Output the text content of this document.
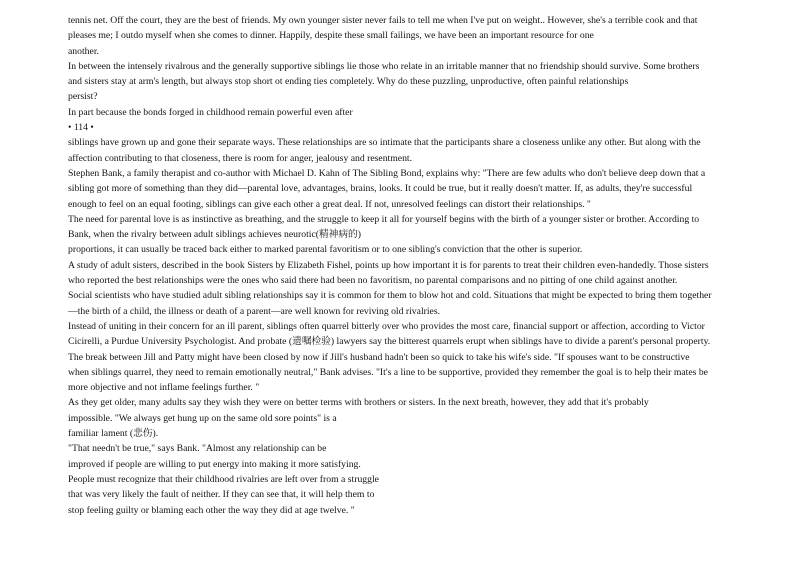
tennis net. Off the court, they are the best of friends. My own younger sister never fails to tell me when I've put on weight.. However, she's a terrible cook and that
pleases me; I outdo myself when she comes to dinner. Happily, despite these small failings, we have been an important resource for one
another.
In between the intensely rivalrous and the generally supportive siblings lie those who relate in an irritable manner that no friendship should survive. Some brothers
and sisters stay at arm's length, but always stop short ot ending ties completely. Why do these puzzling, unproductive, often painful relationships
persist?
In part because the bonds forged in childhood remain powerful even after
• 114 •
siblings have grown up and gone their separate ways. These relationships are so intimate that the participants share a closeness unlike any other. But along with the
affection contributing to that closeness, there is room for anger, jealousy and resentment.
Stephen Bank, a family therapist and co-author with Michael D. Kahn of The Sibling Bond, explains why: "There are few adults who don't believe deep down that a
sibling got more of something than they did—parental love, advantages, brains, looks. It could be true, but it really doesn't matter. If, as adults, they're successful
enough to feel on an equal footing, siblings can give each other a great deal. If not, unresolved feelings can distort their relationships. "
The need for parental love is as instinctive as breathing, and the struggle to keep it all for yourself begins with the birth of a younger sister or brother. According to
Bank, when the rivalry between adult siblings achieves neurotic(精神病的)
proportions, it can usually be traced back either to marked parental favoritism or to one sibling's conviction that the other is superior.
A study of adult sisters, described in the book Sisters by Elizabeth Fishel, points up how important it is for parents to treat their children even-handedly. Those sisters
who reported the best relationships were the ones who said there had been no favoritism, no parental comparisons and no pitting of one child against another.
Social scientists who have studied adult sibling relationships say it is common for them to blow hot and cold. Situations that might be expected to bring them together
—the birth of a child, the illness or death of a parent—are well known for reviving old rivalries.
Instead of uniting in their concern for an ill parent, siblings often quarrel bitterly over who provides the most care, financial support or affection, according to Victor
Cicirelli, a Purdue University Psychologist. And probate (遗嘱检验) lawyers say the bitterest quarrels erupt when siblings have to divide a parent's personal property.
The break between Jill and Patty might have been closed by now if Jill's husband hadn't been so quick to take his wife's side. "If spouses want to be constructive
when siblings quarrel, they need to remain emotionally neutral," Bank advises. "It's a line to be supportive, provided they remember the goal is to help their mates be
more objective and not inflame feelings further. "
As they get older, many adults say they wish they were on better terms with brothers or sisters. In the next breath, however, they add that it's probably
impossible. "We always get hung up on the same old sore points" is a
familiar lament (悲伤).
"That needn't be true," says Bank. "Almost any relationship can be
improved if people are willing to put energy into making it more satisfying.
People must recognize that their childhood rivalries are left over from a struggle
that was very likely the fault of neither. If they can see that, it will help them to
stop feeling guilty or blaming each other the way they did at age twelve. "
